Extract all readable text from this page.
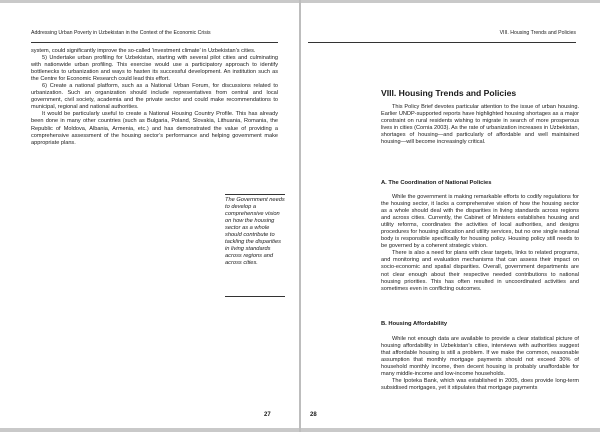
Addressing Urban Poverty in Uzbekistan in the Context of the Economic Crisis

system, could significantly improve the so-called ‘investment climate’ in Uzbekistan’s cities.

5) Undertake urban profiling for Uzbekistan, starting with several pilot cities and culminating with nationwide urban profiling. This exercise would use a participatory approach to identify bottlenecks to urbanization and ways to hasten its successful development. An institution such as the Centre for Economic Research could lead this effort.

6) Create a national platform, such as a National Urban Forum, for discussions related to urbanization. Such an organization should include representatives from central and local government, civil society, academia and the private sector and could make recommendations to municipal, regional and national authorities.

It would be particularly useful to create a National Housing Country Profile. This has already been done in many other countries (such as Bulgaria, Poland, Slovakia, Lithuania, Romania, the Republic of Moldova, Albania, Armenia, etc.) and has demonstrated the value of providing a comprehensive assessment of the housing sector’s performance and helping government make appropriate plans.

The Government needs to develop a comprehensive vision on how the housing sector as a whole should contribute to tackling the disparities in living standards across regions and across cities.
27
VIII. Housing Trends and Policies
VIII. Housing Trends and Policies

This Policy Brief devotes particular attention to the issue of urban housing. Earlier UNDP-supported reports have highlighted housing shortages as a major constraint on rural residents wishing to migrate in search of more prosperous lives in cities (Cornia 2003). As the rate of urbanization increases in Uzbekistan, shortages of housing—and particularly of affordable and well maintained housing—will become increasingly critical.

A. The Coordination of National Policies

While the government is making remarkable efforts to codify regulations for the housing sector, it lacks a comprehensive vision of how the housing sector as a whole should deal with the disparities in living standards across regions and across cities. Currently, the Cabinet of Ministers establishes housing and utility reforms, coordinates the activities of local authorities, and designs procedures for housing allocation and utility services, but no one single national body is responsible specifically for housing policy. Housing policy still needs to be governed by a coherent strategic vision.

There is also a need for plans with clear targets, links to related programs, and monitoring and evaluation mechanisms that can assess their impact on socio-economic and spatial disparities. Overall, government departments are not clear enough about their respective needed contributions to national housing priorities. This has often resulted in uncoordinated activities and sometimes even in conflicting outcomes.

B. Housing Affordability

While not enough data are available to provide a clear statistical picture of housing affordability in Uzbekistan’s cities, interviews with authorities suggest that affordable housing is still a problem. If we make the common, reasonable assumption that monthly mortgage payments should not exceed 30% of household monthly income, then decent housing is probably unaffordable for many middle-income and low-income households.

The Ipoteka Bank, which was established in 2005, does provide long-term subsidised mortgages, yet it stipulates that mortgage payments

28
